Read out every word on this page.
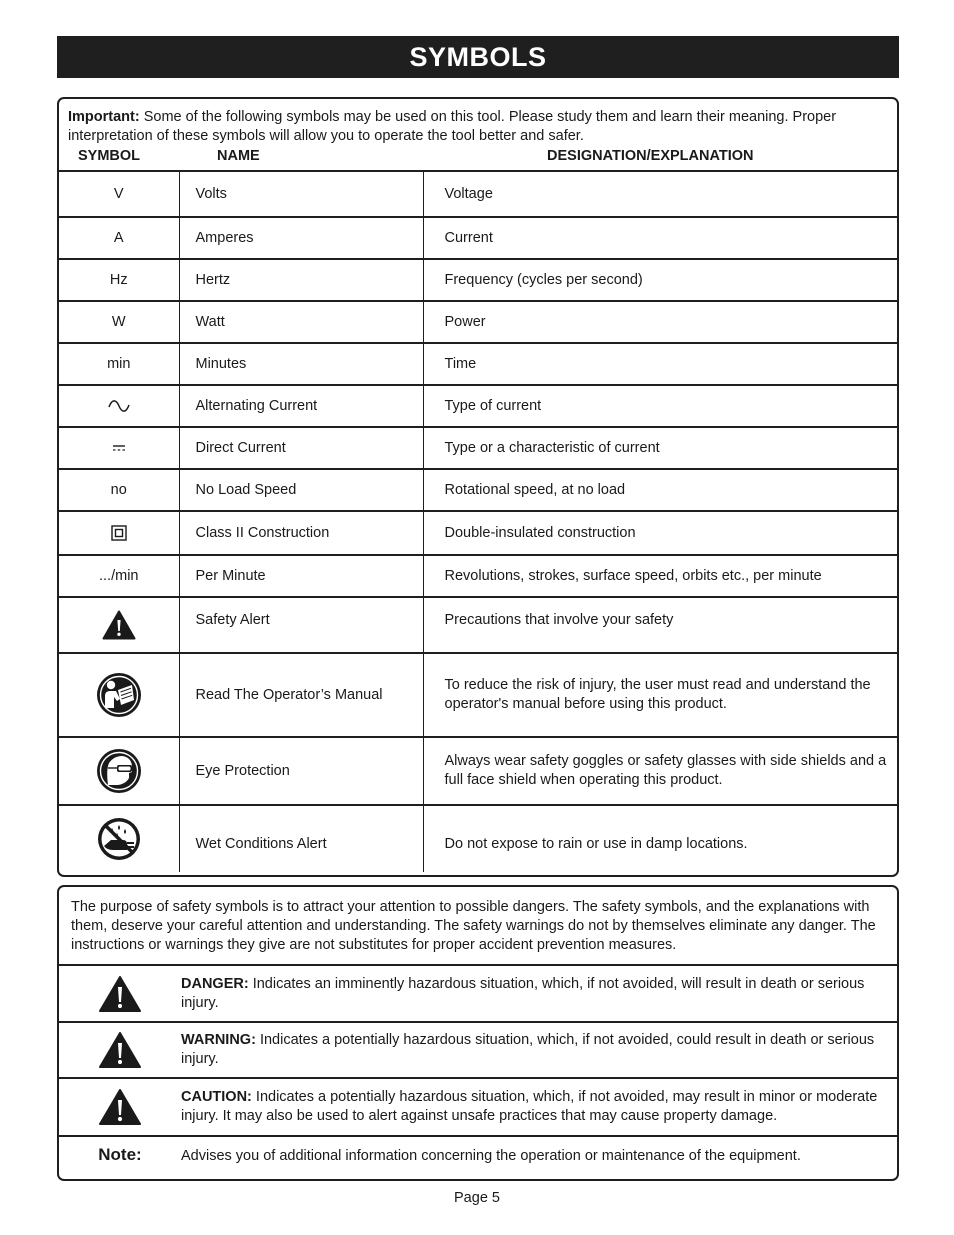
SYMBOLS
Important: Some of the following symbols may be used on this tool. Please study them and learn their meaning. Proper interpretation of these symbols will allow you to operate the tool better and safer.
SYMBOL	NAME	DESIGNATION/EXPLANATION
V	Volts	Voltage
A	Amperes	Current
Hz	Hertz	Frequency (cycles per second)
W	Watt	Power
min	Minutes	Time
	Alternating Current	Type of current
	Direct Current	Type or a characteristic of current
no	No Load Speed	Rotational speed, at no load
	Class II Construction	Double-insulated construction
.../min	Per Minute	Revolutions, strokes, surface speed, orbits etc., per minute
	Safety Alert	Precautions that involve your safety
	Read The Operator’s Manual	To reduce the risk of injury, the user must read and understand the operator's manual before using this product.
	Eye Protection	Always wear safety goggles or safety glasses with side shields and a full face shield when operating this product.
	Wet Conditions Alert	Do not expose to rain or use in damp locations.
The purpose of safety symbols is to attract your attention to possible dangers. The safety symbols, and the explanations with them, deserve your careful attention and understanding. The safety warnings do not by themselves eliminate any danger. The instructions or warnings they give are not substitutes for proper accident prevention measures.
	DANGER: Indicates an imminently hazardous situation, which, if not avoided, will result in death or serious injury.
	WARNING: Indicates a potentially hazardous situation, which, if not avoided, could result in death or serious injury.
	CAUTION: Indicates a potentially hazardous situation, which, if not avoided, may result in minor or moderate injury. It may also be used to alert against unsafe practices that may cause property damage.
Note:	Advises you of additional information concerning the operation or maintenance of the equipment.
Page 5
